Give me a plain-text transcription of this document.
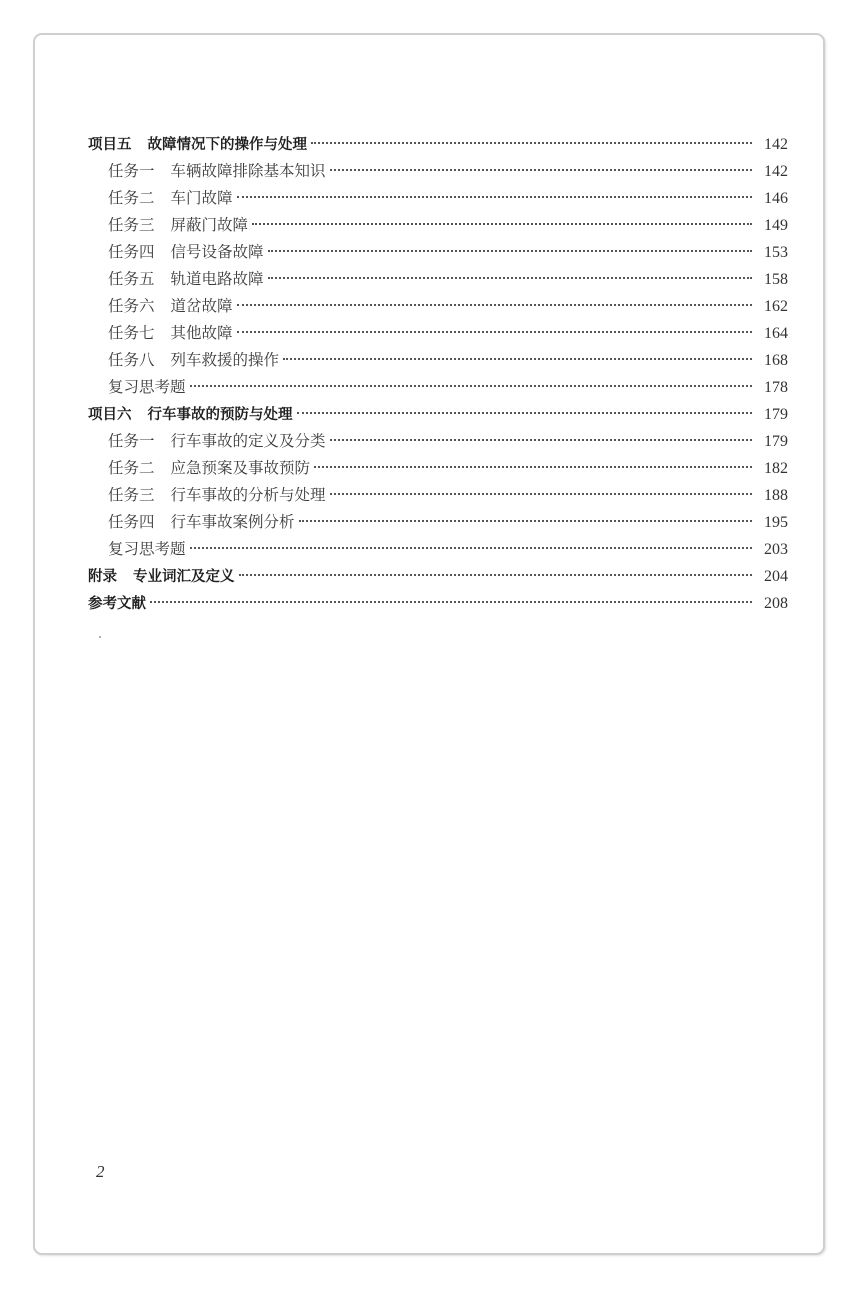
项目五 故障情况下的操作与处理	142
任务一 车辆故障排除基本知识	142
任务二 车门故障	146
任务三 屏蔽门故障	149
任务四 信号设备故障	153
任务五 轨道电路故障	158
任务六 道岔故障	162
任务七 其他故障	164
任务八 列车救援的操作	168
复习思考题	178
项目六 行车事故的预防与处理	179
任务一 行车事故的定义及分类	179
任务二 应急预案及事故预防	182
任务三 行车事故的分析与处理	188
任务四 行车事故案例分析	195
复习思考题	203
附录 专业词汇及定义	204
参考文献	208
2
